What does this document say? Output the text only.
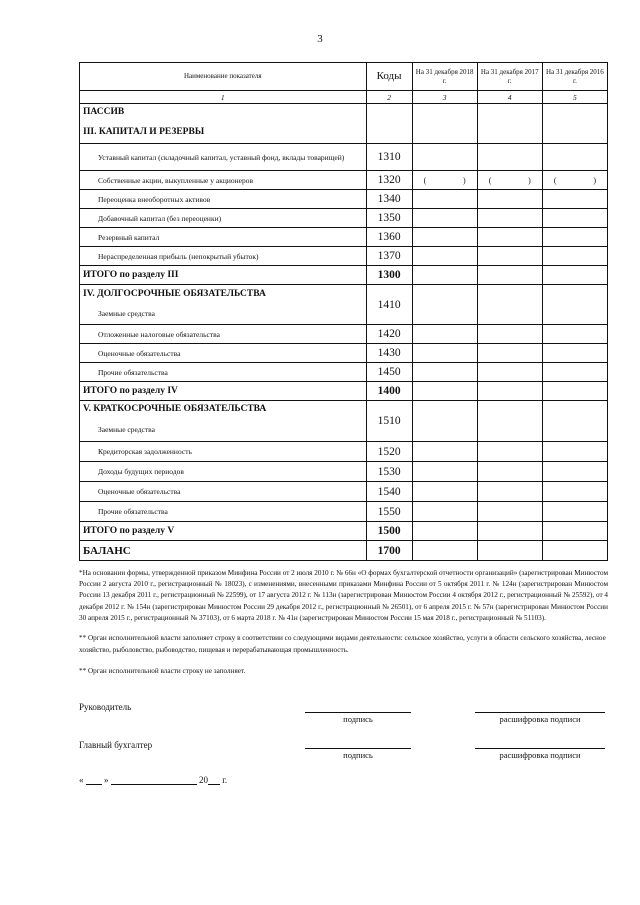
3
Наименование показателя	Коды	На 31 декабря 2018 г.	На 31 декабря 2017 г.	На 31 декабря 2016 г.
1	2	3	4	5
ПАССИВ				
III. КАПИТАЛ И РЕЗЕРВЫ				
Уставный капитал (складочный капитал, уставный фонд, вклады товарищей)	1310			
Собственные акции, выкупленные у акционеров	1320	( )	( )	( )

Переоценка внеоборотных активов	1340			
Добавочный капитал (без переоценки)	1350			
Резервный капитал	1360			
Нераспределенная прибыль (непокрытый убыток)	1370			
ИТОГО по разделу III	1300			
IV. ДОЛГОСРОЧНЫЕ ОБЯЗАТЕЛЬСТВА	1410			
Заемные средства				
Отложенные налоговые обязательства	1420			
Оценочные обязательства	1430			
Прочие обязательства	1450			
ИТОГО по разделу IV	1400			
V. КРАТКОСРОЧНЫЕ ОБЯЗАТЕЛЬСТВА	1510			
Заемные средства				
Кредиторская задолженность	1520			
Доходы будущих периодов	1530			
Оценочные обязательства	1540			
Прочие обязательства	1550			
ИТОГО по разделу V	1500			
БАЛАНС	1700			

*На основании формы, утвержденной приказом Минфина России от 2 июля 2010 г. № 66н «О формах бухгалтерской отчетности организаций» (зарегистрирован Минюстом России 2 августа 2010 г., регистрационный № 18023), с изменениями, внесенными приказами Минфина России от 5 октября 2011 г. № 124н (зарегистрирован Минюстом России 13 декабря 2011 г., регистрационный № 22599), от 17 августа 2012 г. № 113н (зарегистрирован Минюстом России 4 октября 2012 г., регистрационный № 25592), от 4 декабря 2012 г. № 154н (зарегистрирован Минюстом России 29 декабря 2012 г., регистрационный № 26501), от 6 апреля 2015 г. № 57н (зарегистрирован Минюстом России 30 апреля 2015 г., регистрационный № 37103), от 6 марта 2018 г. № 41н (зарегистрирован Минюстом России 15 мая 2018 г., регистрационный № 51103).

** Орган исполнительной власти заполняет строку в соответствии со следующими видами деятельности: сельское хозяйство, услуги в области сельского хозяйства, лесное хозяйство, рыболовство, рыбоводство, пищевая и перерабатывающая промышленность.
** Орган исполнительной власти строку не заполняет.
Руководитель
подпись	расшифровка подписи
Главный бухгалтер
подпись	расшифровка подписи
« »	20 г.
